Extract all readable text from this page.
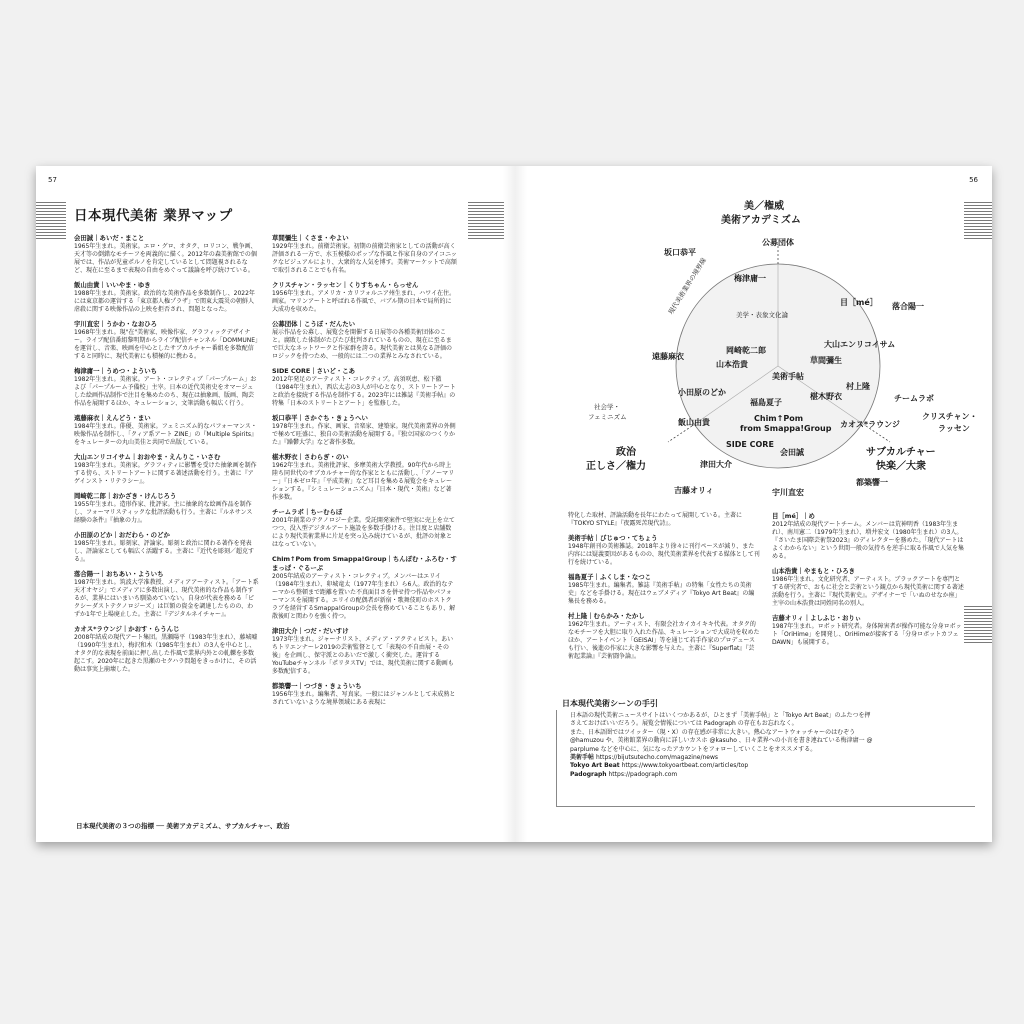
57	56
日本現代美術 業界マップ
会田誠｜あいだ・まこと
1965年生まれ。美術家。エロ・グロ、オタク、ロリコン、戦争画、天才等の倒錯なモチーフを両義的に描く。2012年の森美術館での個展では、作品が児童ポルノを肯定しているとして問題視されるなど、現在に至るまで表現の自由をめぐって議論を呼び続けている。
飯山由貴｜いいやま・ゆき
1988年生まれ。美術家。政治的な美術作品を多数制作し、2022年には東京都の運営する「東京都人権プラザ」で関東大震災の朝鮮人虐殺に関する映像作品の上映を拒否され、問題となった。
宇川直宏｜うかわ・なおひろ
1968年生まれ。現"在"美術家、映像作家、グラフィックデザイナー。ライブ配信番組黎明期からライブ配信チャンネル「DOMMUNE」を運営し、音楽、映画を中心としたサブカルチャー番組を多数配信すると同時に、現代美術にも積極的に携わる。
梅津庸一｜うめつ・よういち
1982年生まれ。美術家。アート・コレクティブ「パープルーム」および「パープルーム予備校」主宰。日本の近代美術史をオマージュした絵画作品制作で注目を集めたのち、現在は抽象画、版画、陶芸作品を展開するほか、キュレーション、文筆活動も幅広く行う。
遠藤麻衣｜えんどう・まい
1984年生まれ。俳優、美術家。フェミニズム的なパフォーマンス・映像作品を制作し、「クィア系アート ZINE」の『Multiple Spirits』をキュレーターの丸山美佳と共同で出版している。
大山エンリコイサム｜おおやま・えんりこ・いさむ
1983年生まれ。美術家。グラフィティに影響を受けた抽象画を制作する傍ら、ストリートアートに関する著述活動を行う。主著に『アゲインスト・リテラシー』。
岡崎乾二郎｜おかざき・けんじろう
1955年生まれ。造形作家、批評家。主に抽象的な絵画作品を制作し、フォーマリスティックな批評活動も行う。主著に『ルネサンス 経験の条件』『抽象の力』。
小田原のどか｜おだわら・のどか
1985年生まれ。彫刻家、評論家。彫刻と政治に関わる著作を発表し、評論家としても幅広く活躍する。主著に『近代を彫刻／超克する』。
落合陽一｜おちあい・よういち
1987年生まれ。筑波大学准教授、メディアアーティスト。「アート系天才オヤジ」でメディアに多数出演し、現代美術的な作品も制作するが、業界にはいまいち馴染めていない。自身が代表を務める「ピクシーダストテクノロジーズ」は巨額の資金を調達したものの、わずか1年で上場廃止した。主著に『デジタルネイチャー』。
カオス*ラウンジ｜かおす・らうんじ
2008年結成の現代アート集団。黒瀬陽平（1983年生まれ）、藤城嘘（1990年生まれ）、梅沢和木（1985年生まれ）の3人を中心とし、オタク的な表現を前面に押し出した作風で業界内外との軋轢を多数起こす。2020年に起きた黒瀬のセクハラ問題をきっかけに、その活動は事実上崩壊した。
草間彌生｜くさま・やよい
1929年生まれ。前衛芸術家。初期の前衛芸術家としての活動が高く評価される一方で、水玉模様のポップな作風と作家自身のアイコニックなビジュアルにより、大衆的な人気を博す。美術マーケットで高額で取引されることでも有名。
クリスチャン・ラッセン｜くりすちゃん・らっせん
1956年生まれ。アメリカ・カリフォルニア州生まれ、ハワイ在住。画家。マリンアートと呼ばれる作風で、バブル期の日本で局所的に大成功を収めた。
公募団体｜こうぼ・だんたい
展示作品を公募し、展覧会を開催する日展等の各種美術団体のこと。腐敗した体制がたびたび批判されているものの、現在に至るまで巨大なネットワークと作家群を誇る。現代美術とは異なる評価のロジックを持つため、一般的には二つの業界とみなされている。
SIDE CORE｜さいど・こあ
2012年発足のアーティスト・コレクティブ。高須咲恵、松下徹（1984年生まれ）、西広太志の3人が中心となり、ストリートアートと政治を接続する作品を制作する。2023年には雑誌『美術手帖』の特集「日本のストリートとアート」を監修した。
坂口恭平｜さかぐち・きょうへい
1978年生まれ。作家、画家、音楽家、建築家。現代美術業界の外側で極めて旺盛に、独自の美術活動を展開する。『独立国家のつくりかた』『躁鬱大学』など著作多数。
椹木野衣｜さわらぎ・のい
1962年生まれ。美術批評家、多摩美術大学教授。90年代から時上陸ち同世代のサブカルチャー的な作家とともに活動し、「アノーマリー」『日本ゼロ年』「平成美術」など耳目を集める展覧会をキュレーションする。『シミュレーショニズム』『日本・現代・美術』など著作多数。
チームラボ｜ちーむらぼ
2001年創業のテクノロジー企業。受託開発案件で堅実に売上を立てつつ、没入型デジタルアート施設を多数手掛ける。注目度と店舗数により現代美術業界に片足を突っ込み続けているが、批評の対象とはなっていない。
Chim↑Pom from Smappa!Group｜ちんぽむ・ふろむ・すまっぱ・ぐるーぷ
2005年結成のアーティスト・コレクティブ。メンバーはエリイ（1984年生まれ）、卯城竜太（1977年生まれ）ら6人。政治的なテーマから整頓まで距離を置いた不真面目さを併せ持つ作品やパフォーマンスを展開する。エリイの配偶者が新宿・歌舞伎町のホストクラブを経営するSmappa!Groupの会長を務めていることもあり、解散後町と関わりを強く持つ。
津田大介｜つだ・だいすけ
1973年生まれ。ジャーナリスト、メディア・アクティビスト。あいちトリエンナーレ2019の芸術監督として「表現の不自由展・その後」を企画し、保守派とのあいだで激しく衝突した。運営するYouTubeチャンネル「ポリタスTV」では、現代美術に関する動画も多数配信する。
都築響一｜つづき・きょういち
1956年生まれ。編集者、写真家。一般にはジャンルとして未成熟とされていないような境界領域にある表現に
特化した取材、評論活動を長年にわたって展開している。主著に『TOKYO STYLE』『夜露死苦現代詩』。
美術手帖｜びじゅつ・てちょう
1948年創刊の美術雑誌。2018年より徐々に刊行ペースが減り、また内容には疑義要因があるものの、現代美術業界を代表する媒体として刊行を続けている。
福島夏子｜ふくしま・なつこ
1985年生まれ。編集者。雑誌『美術手帖』の特集「女性たちの美術史」などを手掛ける。現在はウェブメディア『Tokyo Art Beat』の編集長を務める。
村上隆｜むらかみ・たかし
1962年生まれ。アーティスト、有限会社カイカイキキ代表。オタク的なモチーフを大胆に取り入れた作品、キュレーションで大成功を収めたほか、アートイベント「GEISAI」等を通じて若手作家のプロデュースも行い、後進の作家に大きな影響を与えた。主著に『Superflat』『芸術起業論』『芸術闘争論』。
目［mé］｜め
2012年結成の現代アートチーム。メンバーは荒神明香（1983年生まれ）、南川憲二（1979年生まれ）、増井宏文（1980年生まれ）の3人。『さいたま国際芸術祭2023』のディレクターを務めた。「現代アートはよくわからない」という世間一般の気持ちを逆手に取る作風で人気を集める。
山本浩貴｜やまもと・ひろき
1986年生まれ。文化研究者、アーティスト。ブラックアートを専門とする研究者で、おもに社会と芸術という観点から現代美術に関する著述活動を行う。主著に『現代美術史』。デザイナーで「いぬのせなか座」主宰の山本浩貴は同姓同名の別人。
吉藤オリィ｜よしふじ・おりぃ
1987年生まれ。ロボット研究者。身体障害者が操作可能な分身ロボット「OriHime」を開発し、OriHimeが接客する「分身ロボットカフェ DAWN」も展開する。
美／権威
美術アカデミズム
政治
正しさ／権力
サブカルチャー
快楽／大衆
現代美術業界の境界線	美学・表象文化論
社会学・
フェミニズム
公募団体
坂口恭平
梅津庸一
目［mé］ 落合陽一
大山エンリコイサム
岡崎乾二郎
遠藤麻衣	草間彌生
山本浩貴
美術手帖
村上隆
椹木野衣	チームラボ
小田原のどか
福島夏子
クリスチャン・
ラッセン
カオス*ラウンジ
Chim↑Pom
from Smappa!Group
飯山由貴
SIDE CORE
会田誠
津田大介
吉藤オリィ	宇川直宏
都築響一
日本現代美術シーンの手引
日本語の現代美術ニュースサイトはいくつかあるが、ひとまず「美術手帖」と「Tokyo Art Beat」のふたつを押
さえておけばいいだろう。展覧会情報については Padograph の存在もお忘れなく。
また、日本語圏ではツイッター（現・X）の存在感が非常に大きい。熱心なアートウォッチャーのはむぞう
@hamuzou や、美術館業界の動向に詳しいカスホ @kasuho 、日々業界への小言を書き連ねている梅津庸一 @
parplume などを中心に、気になったアカウントをフォローしていくことをオススメする。
美術手帖 https://bijutsutecho.com/magazine/news
Tokyo Art Beat https://www.tokyoartbeat.com/articles/top
Padograph https://padograph.com
日本現代美術の３つの指標 ── 美術アカデミズム、サブカルチャー、政治
